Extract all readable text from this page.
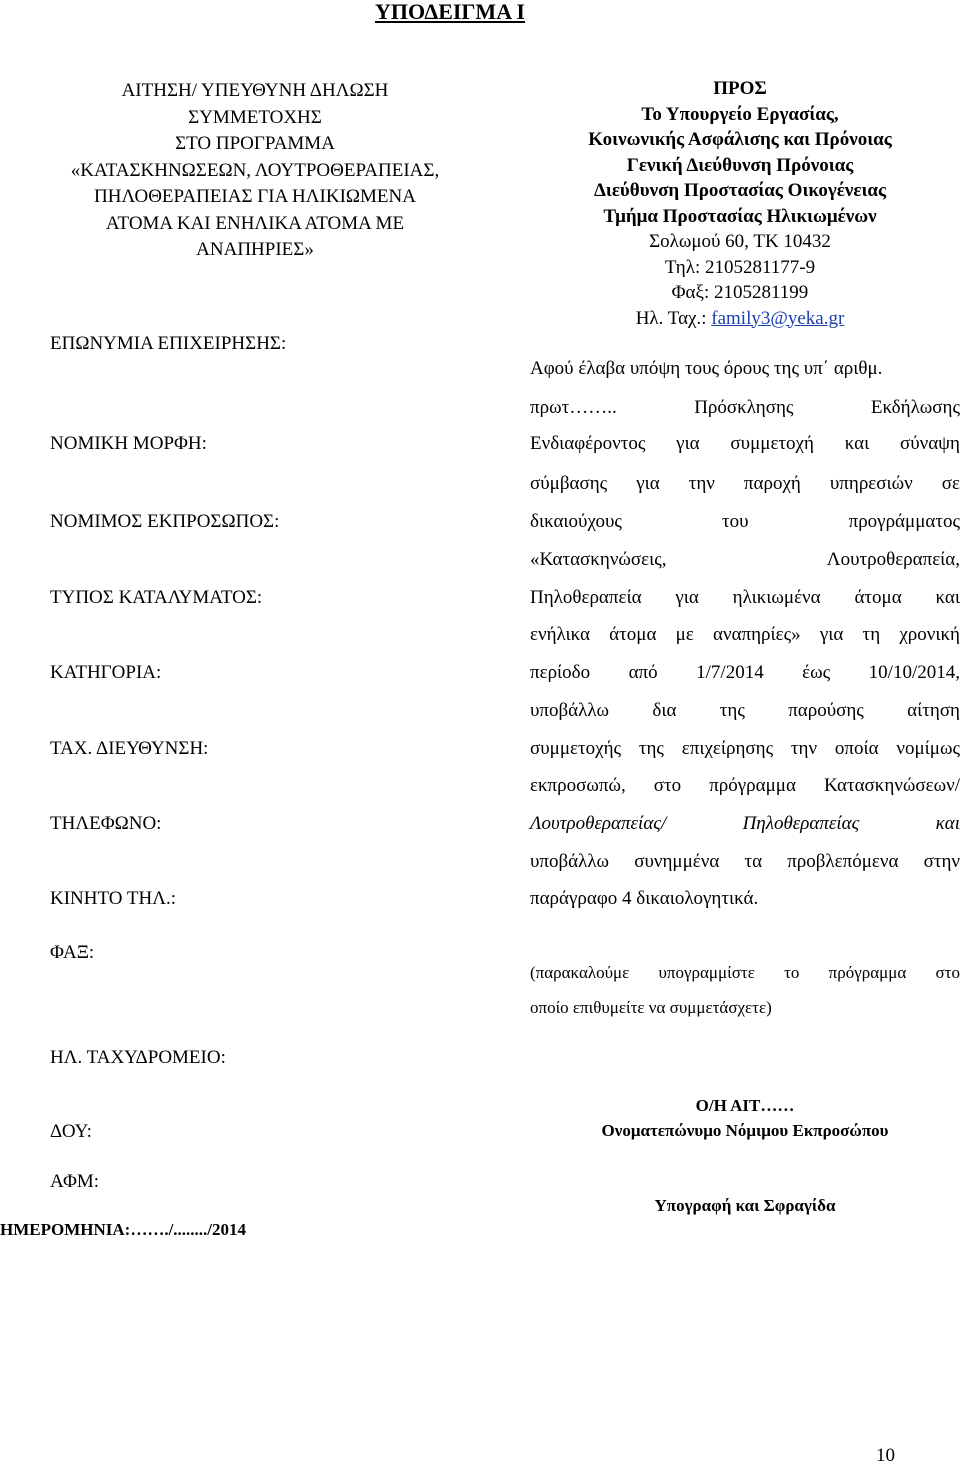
ΥΠΟΔΕΙΓΜΑ Ι
ΑΙΤΗΣΗ/ ΥΠΕΥΘΥΝΗ ΔΗΛΩΣΗ
ΣΥΜΜΕΤΟΧΗΣ
ΣΤΟ ΠΡΟΓΡΑΜΜΑ
«ΚΑΤΑΣΚΗΝΩΣΕΩΝ, ΛΟΥΤΡΟΘΕΡΑΠΕΙΑΣ,
ΠΗΛΟΘΕΡΑΠΕΙΑΣ ΓΙΑ ΗΛΙΚΙΩΜΕΝΑ
ΑΤΟΜΑ ΚΑΙ ΕΝΗΛΙΚΑ ΑΤΟΜΑ ΜΕ
ΑΝΑΠΗΡΙΕΣ»
ΕΠΩΝΥΜΙΑ ΕΠΙΧΕΙΡΗΣΗΣ:
ΝΟΜΙΚΗ ΜΟΡΦΗ:
ΝΟΜΙΜΟΣ ΕΚΠΡΟΣΩΠΟΣ:
ΤΥΠΟΣ ΚΑΤΑΛΥΜΑΤΟΣ:
ΚΑΤΗΓΟΡΙΑ:
ΤΑΧ. ΔΙΕΥΘΥΝΣΗ:
ΤΗΛΕΦΩΝΟ:
ΚΙΝΗΤΟ ΤΗΛ.:
ΦΑΞ:
ΗΛ. ΤΑΧΥΔΡΟΜΕΙΟ:
ΔΟΥ:
ΑΦΜ:
ΗΜΕΡΟΜΗΝΙΑ:……./......../2014
ΠΡΟΣ
Το Υπουργείο Εργασίας,
Κοινωνικής Ασφάλισης και Πρόνοιας
Γενική Διεύθυνση Πρόνοιας
Διεύθυνση Προστασίας Οικογένειας
Τμήμα Προστασίας Ηλικιωμένων
Σολωμού 60, ΤΚ 10432
Τηλ: 2105281177-9
Φαξ: 2105281199
Ηλ. Ταχ.: family3@yeka.gr
Αφού έλαβα υπόψη τους όρους της υπ΄ αριθμ.
πρωτ…….. Πρόσκλησης Εκδήλωσης
Ενδιαφέροντος για συμμετοχή και σύναψη
σύμβασης για την παροχή υπηρεσιών σε
δικαιούχους του προγράμματος
«Κατασκηνώσεις, Λουτροθεραπεία,
Πηλοθεραπεία για ηλικιωμένα άτομα και
ενήλικα άτομα με αναπηρίες» για τη χρονική
περίοδο από 1/7/2014 έως 10/10/2014,
υποβάλλω δια της παρούσης αίτηση
συμμετοχής της επιχείρησης την οποία νομίμως
εκπροσωπώ, στο πρόγραμμα Κατασκηνώσεων/
Λουτροθεραπείας/ Πηλοθεραπείας και
υποβάλλω συνημμένα τα προβλεπόμενα στην
παράγραφο 4 δικαιολογητικά.
(παρακαλούμε υπογραμμίστε το πρόγραμμα στο
οποίο επιθυμείτε να συμμετάσχετε)
Ο/Η ΑΙΤ……
Ονοματεπώνυμο Νόμιμου Εκπροσώπου
Υπογραφή και Σφραγίδα
10
